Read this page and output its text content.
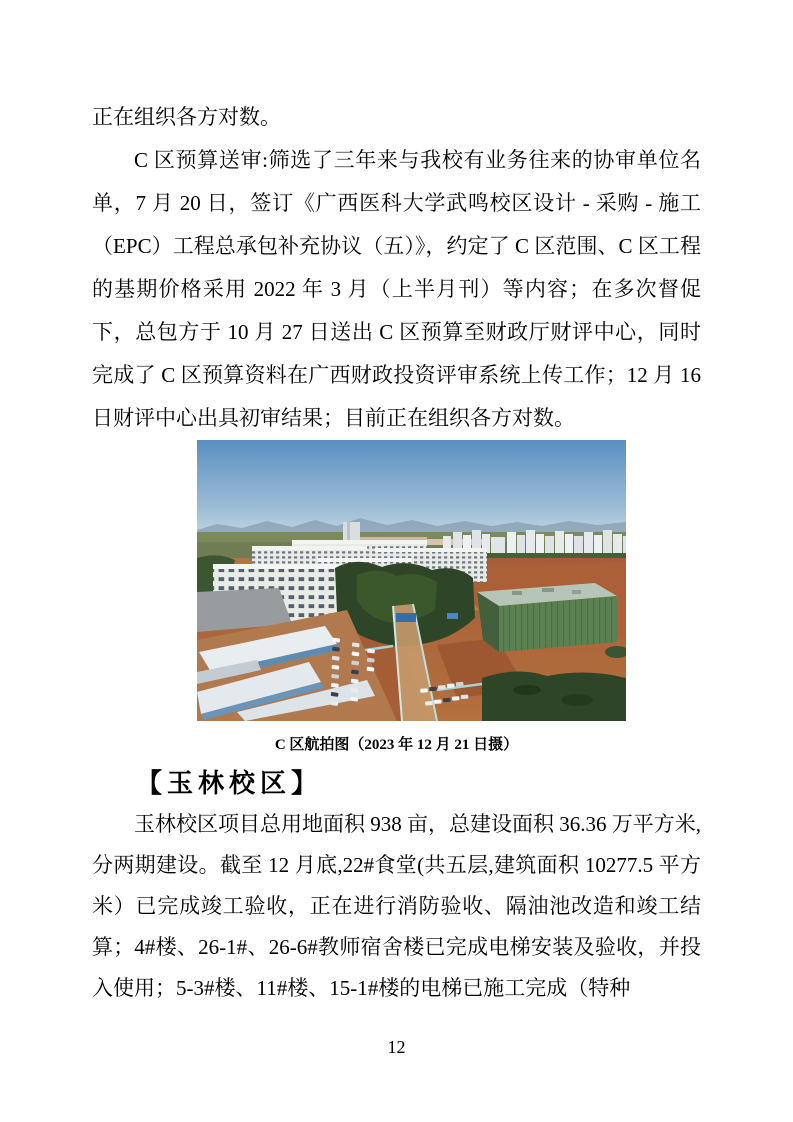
正在组织各方对数。

C 区预算送审:筛选了三年来与我校有业务往来的协审单位名单，7 月 20 日，签订《广西医科大学武鸣校区设计 - 采购 - 施工（EPC）工程总承包补充协议（五）》，约定了 C 区范围、C 区工程的基期价格采用 2022 年 3 月（上半月刊）等内容；在多次督促下，总包方于 10 月 27 日送出 C 区预算至财政厅财评中心，同时完成了 C 区预算资料在广西财政投资评审系统上传工作；12 月 16 日财评中心出具初审结果；目前正在组织各方对数。

C 区航拍图（2023 年 12 月 21 日摄）
【玉林校区】

玉林校区项目总用地面积 938 亩，总建设面积 36.36 万平方米,分两期建设。截至 12 月底,22#食堂(共五层,建筑面积 10277.5 平方米）已完成竣工验收，正在进行消防验收、隔油池改造和竣工结算；4#楼、26-1#、26-6#教师宿舍楼已完成电梯安装及验收，并投入使用；5-3#楼、11#楼、15-1#楼的电梯已施工完成（特种

12
